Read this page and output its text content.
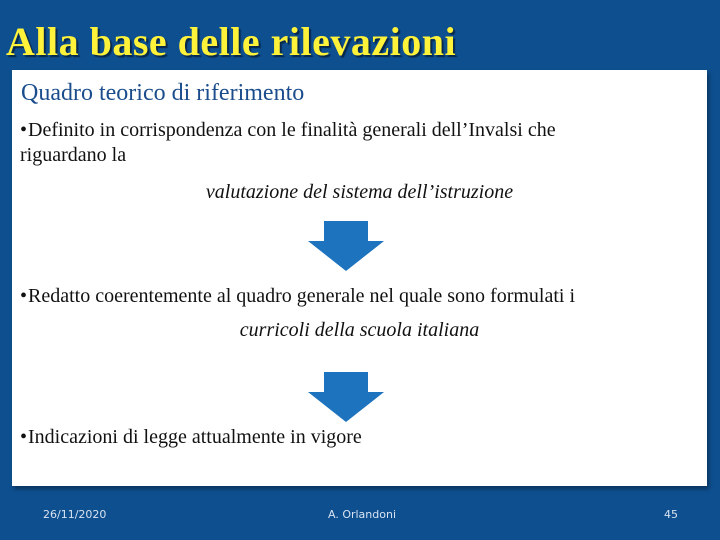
Alla base delle rilevazioni
Quadro teorico di riferimento
•Definito in corrispondenza con le finalità generali dell’Invalsi che
riguardano la
valutazione del sistema dell’istruzione
•Redatto coerentemente al quadro generale nel quale sono formulati i
curricoli della scuola italiana
•Indicazioni di legge attualmente in vigore
26/11/2020	A. Orlandoni	45
